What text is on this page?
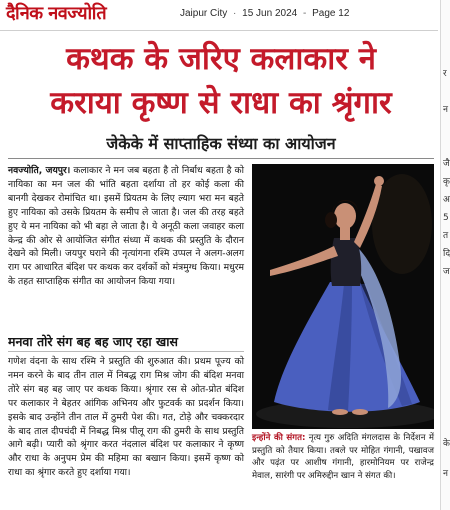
दैनिक नवज्योति	Jaipur City · 15 Jun 2024 - Page 12
र
न
जै
कृ
अ
5
त
दि
ज
के
न
कथक के जरिए कलाकार ने
कराया कृष्ण से राधा का श्रृंगार
जेकेके में साप्ताहिक संध्या का आयोजन
नवज्योति, जयपुर। कलाकार ने मन जब बहता है तो निर्बाध बहता है को नायिका का मन जल की भांति बहता दर्शाया तो हर कोई कला की बानगी देखकर रोमांचित था। इसमें प्रियतम के लिए ल्याग भरा मन बहते हुए नायिका को उसके प्रियतम के समीप ले जाता है। जल की तरह बहते हुए ये मन नायिका को भी बहा ले जाता है। ये अनूठी कला जवाहर कला केन्द्र की ओर से आयोजित संगीत संध्या में कथक की प्रस्तुति के दौरान देखने को मिली। जयपुर घराने की नृत्यांगना रश्मि उप्पल ने अलग-अलग राग पर आधारित बंदिश पर कथक कर दर्शकों को मंत्रमुग्ध किया। मधुरम के तहत साप्ताहिक संगीत का आयोजन किया गया।
मनवा तोरे संग बह बह जाए रहा खास
गणेश वंदना के साथ रश्मि ने प्रस्तुति की शुरुआत की। प्रथम पूज्य को नमन करने के बाद तीन ताल में निबद्ध राग मिश्र जोग की बंदिश मनवा तोरे संग बह बह जाए पर कथक किया। श्रृंगार रस से ओत-प्रोत बंदिश पर कलाकार ने बेहतर आंगिक अभिनय और फुटवर्क का प्रदर्शन किया। इसके बाद उन्होंने तीन ताल में ठुमरी पेश की। गत, टोड़े और चक्करदार के बाद ताल दीपचंदी में निबद्ध मिश्र पीलू राग की ठुमरी के साथ प्रस्तुति आगे बढ़ी। प्यारी को श्रृंगार करत नंदलाल बंदिश पर कलाकार ने कृष्ण और राधा के अनुपम प्रेम की महिमा का बखान किया। इसमें कृष्ण को राधा का श्रृंगार करते हुए दर्शाया गया।
इन्होंने की संगत: नृत्य गुरु अदिति मंगलदास के निर्देशन में प्रस्तुति को तैयार किया। तबले पर मोहित गंगानी, पखावज और पढ़ंत पर आशीष गंगानी, हारमोनियम पर राजेन्द्र मेवाल, सारंगी पर अमिरुद्दीन खान ने संगत की।
